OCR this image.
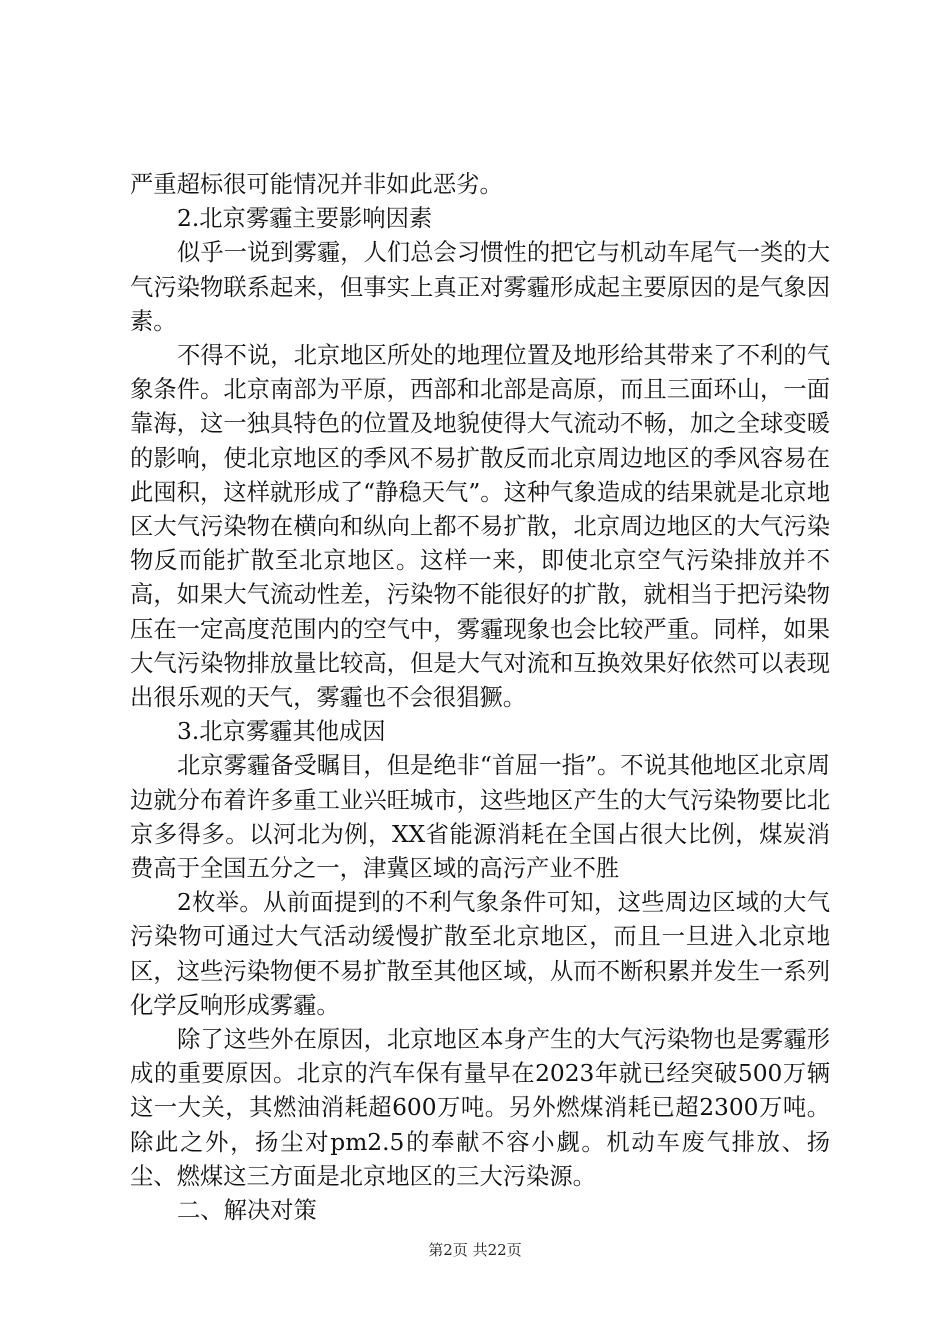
严重超标很可能情况并非如此恶劣。

2.北京雾霾主要影响因素

似乎一说到雾霾，人们总会习惯性的把它与机动车尾气一类的大气污染物联系起来，但事实上真正对雾霾形成起主要原因的是气象因素。

不得不说，北京地区所处的地理位置及地形给其带来了不利的气象条件。北京南部为平原，西部和北部是高原，而且三面环山，一面靠海，这一独具特色的位置及地貌使得大气流动不畅，加之全球变暖的影响，使北京地区的季风不易扩散反而北京周边地区的季风容易在此囤积，这样就形成了“静稳天气”。这种气象造成的结果就是北京地区大气污染物在横向和纵向上都不易扩散，北京周边地区的大气污染物反而能扩散至北京地区。这样一来，即使北京空气污染排放并不高，如果大气流动性差，污染物不能很好的扩散，就相当于把污染物压在一定高度范围内的空气中，雾霾现象也会比较严重。同样，如果大气污染物排放量比较高，但是大气对流和互换效果好依然可以表现出很乐观的天气，雾霾也不会很猖獗。

3.北京雾霾其他成因

北京雾霾备受瞩目，但是绝非“首屈一指”。不说其他地区北京周边就分布着许多重工业兴旺城市，这些地区产生的大气污染物要比北京多得多。以河北为例，XX省能源消耗在全国占很大比例，煤炭消费高于全国五分之一，津冀区域的高污产业不胜

2枚举。从前面提到的不利气象条件可知，这些周边区域的大气污染物可通过大气活动缓慢扩散至北京地区，而且一旦进入北京地区，这些污染物便不易扩散至其他区域，从而不断积累并发生一系列化学反响形成雾霾。

除了这些外在原因，北京地区本身产生的大气污染物也是雾霾形成的重要原因。北京的汽车保有量早在2023年就已经突破500万辆这一大关，其燃油消耗超600万吨。另外燃煤消耗已超2300万吨。除此之外，扬尘对pm2.5的奉献不容小觑。机动车废气排放、扬尘、燃煤这三方面是北京地区的三大污染源。

二、解决对策

第2页 共22页
